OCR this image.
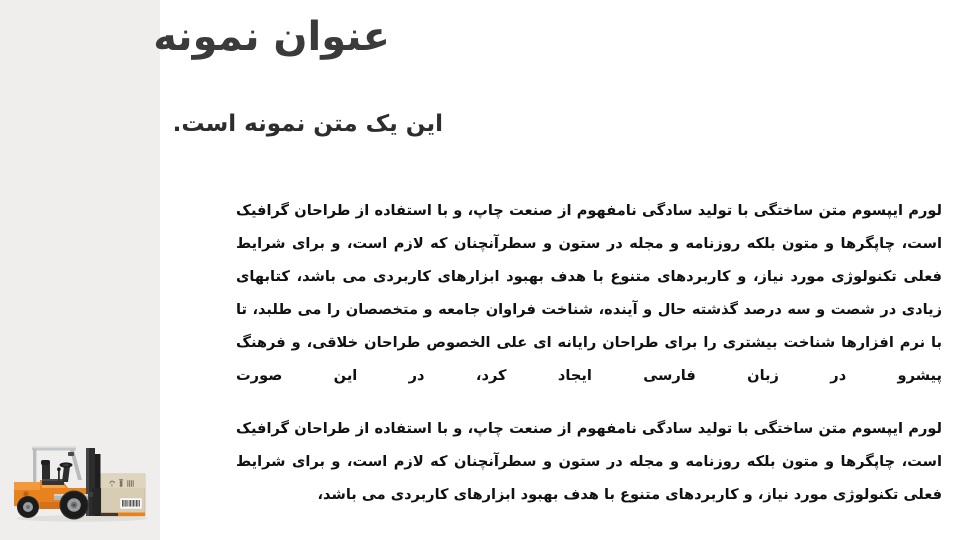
عنوان نمونه
این یک متن نمونه است.

لورم ایپسوم متن ساختگی با تولید سادگی نامفهوم از صنعت چاپ، و با استفاده از طراحان گرافیک است، چاپگرها و متون بلکه روزنامه و مجله در ستون و سطرآنچنان که لازم است، و برای شرایط فعلی تکنولوژی مورد نیاز، و کاربردهای متنوع با هدف بهبود ابزارهای کاربردی می باشد، کتابهای زیادی در شصت و سه درصد گذشته حال و آینده، شناخت فراوان جامعه و متخصصان را می طلبد، تا با نرم افزارها شناخت بیشتری را برای طراحان رایانه ای علی الخصوص طراحان خلاقی، و فرهنگ پیشرو در زبان فارسی ایجاد کرد، در این صورت

لورم ایپسوم متن ساختگی با تولید سادگی نامفهوم از صنعت چاپ، و با استفاده از طراحان گرافیک است، چاپگرها و متون بلکه روزنامه و مجله در ستون و سطرآنچنان که لازم است، و برای شرایط فعلی تکنولوژی مورد نیاز، و کاربردهای متنوع با هدف بهبود ابزارهای کاربردی می باشد،
